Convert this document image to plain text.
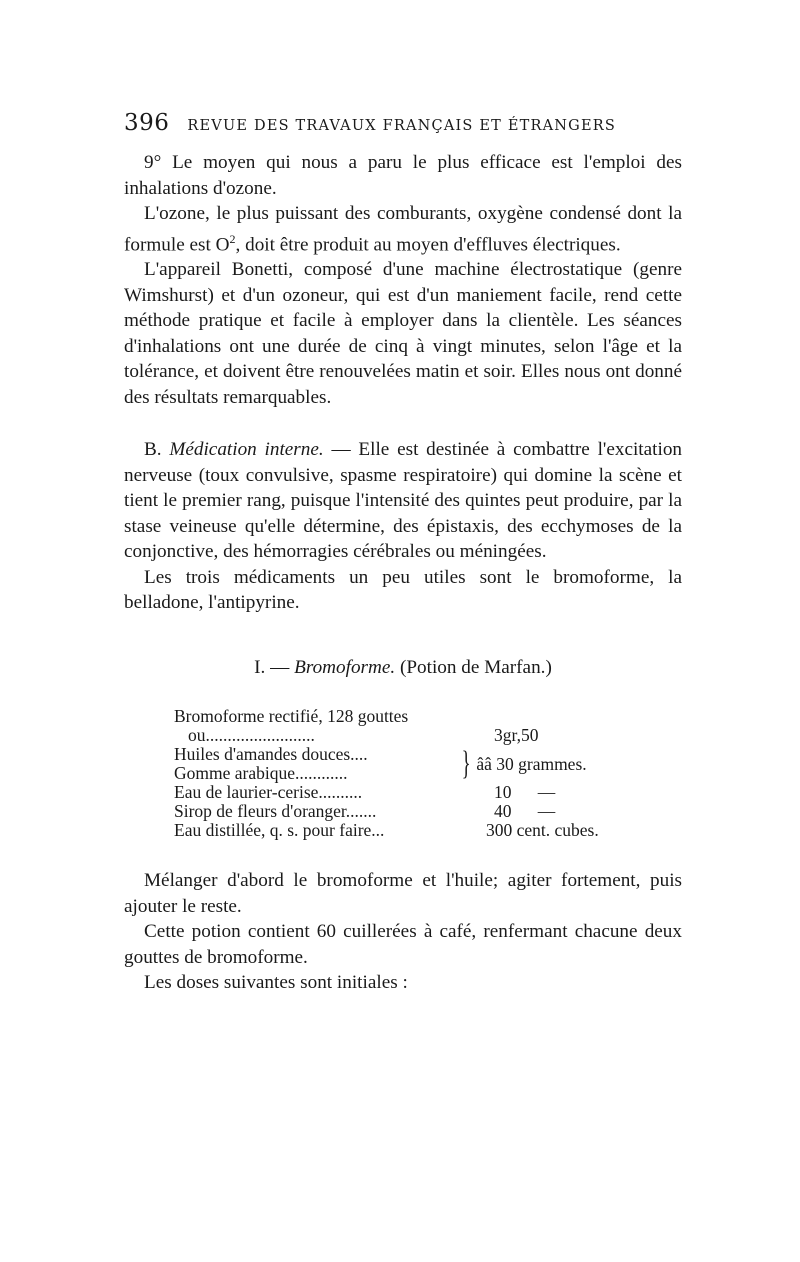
396 REVUE DES TRAVAUX FRANÇAIS ET ÉTRANGERS

9° Le moyen qui nous a paru le plus efficace est l'emploi des inhalations d'ozone.

L'ozone, le plus puissant des comburants, oxygène condensé dont la formule est $O^2$, doit être produit au moyen d'effluves électriques.

L'appareil Bonetti, composé d'une machine électrostatique (genre Wimshurst) et d'un ozoneur, qui est d'un maniement facile, rend cette méthode pratique et facile à employer dans la clientèle. Les séances d'inhalations ont une durée de cinq à vingt minutes, selon l'âge et la tolérance, et doivent être renouvelées matin et soir. Elles nous ont donné des résultats remarquables.

B. Médication interne. — Elle est destinée à combattre l'excitation nerveuse (toux convulsive, spasme respiratoire) qui domine la scène et tient le premier rang, puisque l'intensité des quintes peut produire, par la stase veineuse qu'elle détermine, des épistaxis, des ecchymoses de la conjonctive, des hémorragies cérébrales ou méningées.

Les trois médicaments un peu utiles sont le bromoforme, la belladone, l'antipyrine.

I. — Bromoforme. (Potion de Marfan.)
Bromoforme rectifié, 128 gouttes
ou.........................	3gr,50
Huiles d'amandes douces....
Gomme arabique............	} ââ 30 grammes.
Eau de laurier-cerise..........	10      —
Sirop de fleurs d'oranger.......	40      —
Eau distillée, q. s. pour faire...	300 cent. cubes.

Mélanger d'abord le bromoforme et l'huile; agiter fortement, puis ajouter le reste.

Cette potion contient 60 cuillerées à café, renfermant chacune deux gouttes de bromoforme.

Les doses suivantes sont initiales :
